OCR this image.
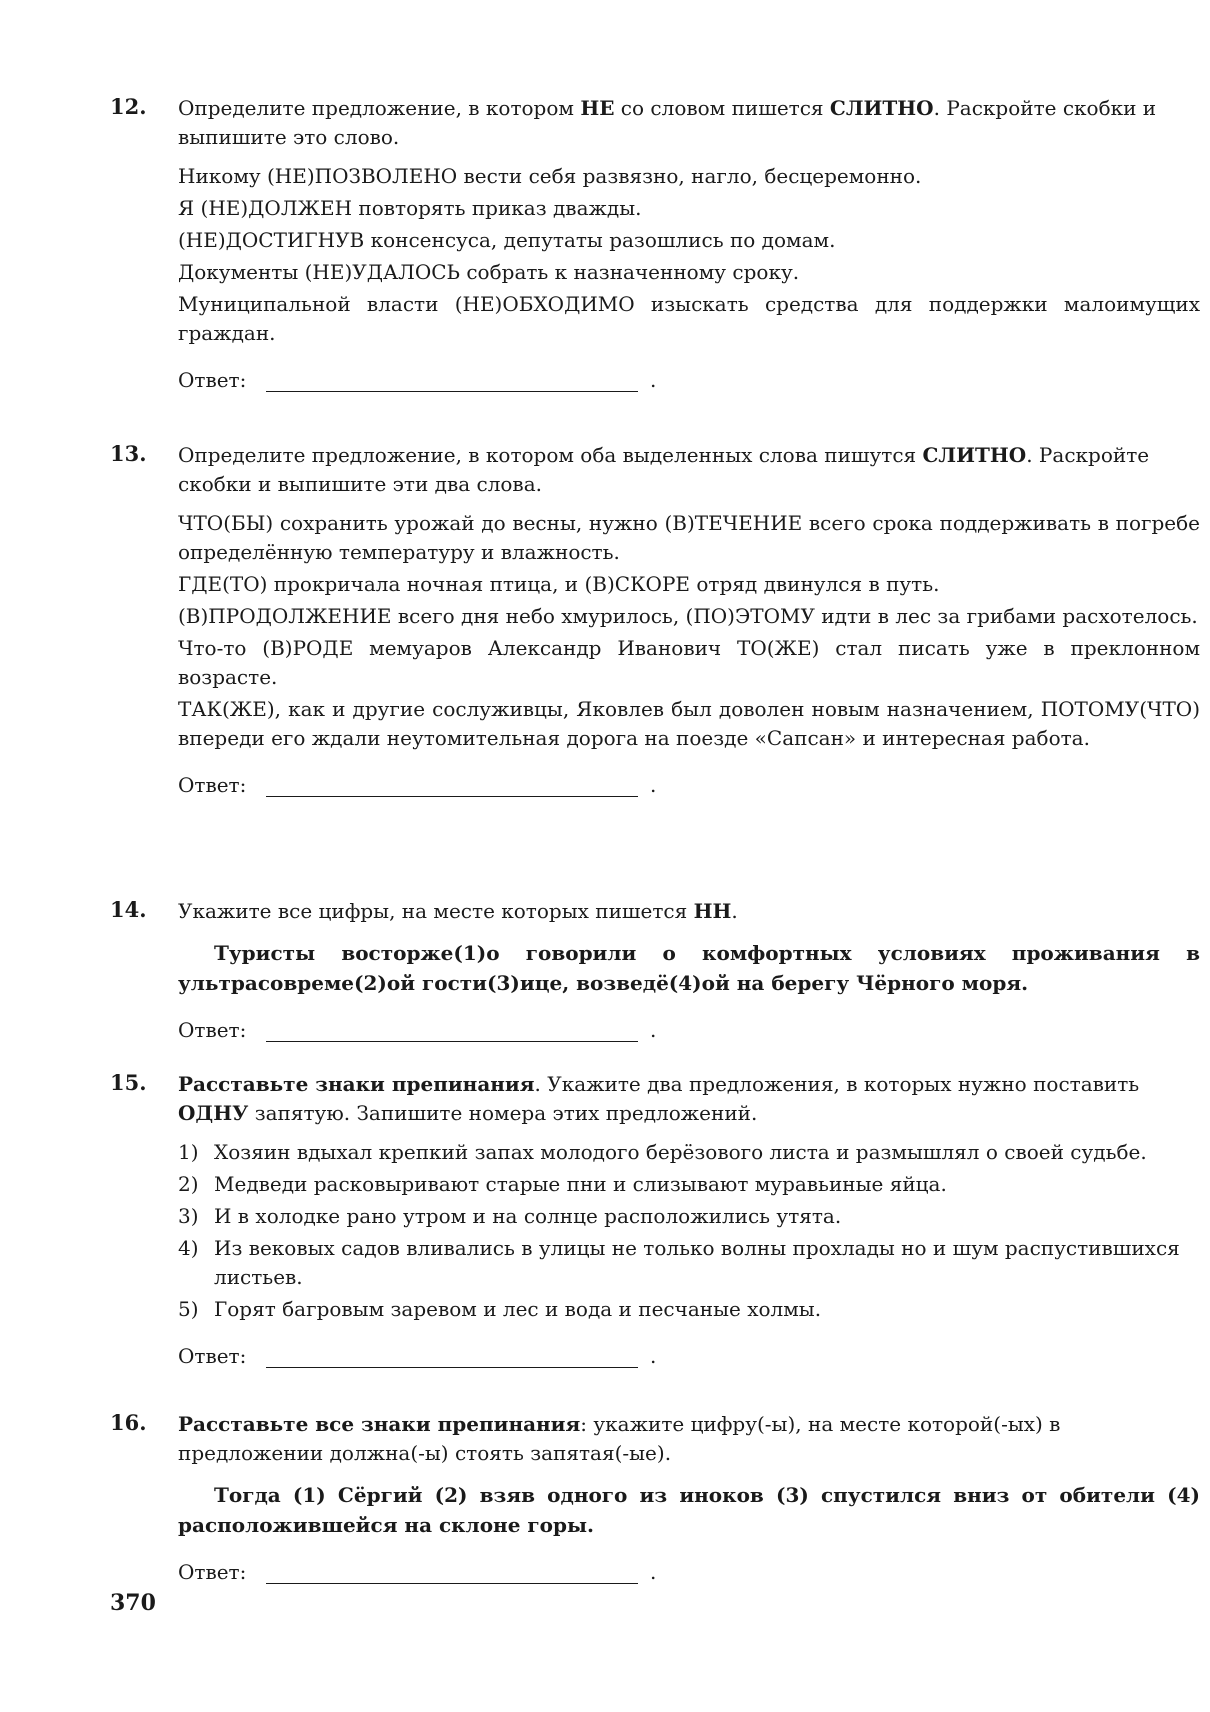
12.	Определите предложение, в котором НЕ со словом пишется СЛИТНО. Раскройте скобки и выпишите это слово.

Никому (НЕ)ПОЗВОЛЕНО вести себя развязно, нагло, бесцеремонно.
Я (НЕ)ДОЛЖЕН повторять приказ дважды.
(НЕ)ДОСТИГНУВ консенсуса, депутаты разошлись по домам.
Документы (НЕ)УДАЛОСЬ собрать к назначенному сроку.
Муниципальной власти (НЕ)ОБХОДИМО изыскать средства для поддержки малоимущих граждан.
Ответ:	.
13.	Определите предложение, в котором оба выделенных слова пишутся СЛИТНО. Раскройте скобки и выпишите эти два слова.

ЧТО(БЫ) сохранить урожай до весны, нужно (В)ТЕЧЕНИЕ всего срока поддерживать в погребе определённую температуру и влажность.
ГДЕ(ТО) прокричала ночная птица, и (В)СКОРЕ отряд двинулся в путь.
(В)ПРОДОЛЖЕНИЕ всего дня небо хмурилось, (ПО)ЭТОМУ идти в лес за грибами расхотелось.
Что-то (В)РОДЕ мемуаров Александр Иванович ТО(ЖЕ) стал писать уже в преклонном возрасте.
ТАК(ЖЕ), как и другие сослуживцы, Яковлев был доволен новым назначением, ПОТОМУ(ЧТО) впереди его ждали неутомительная дорога на поезде «Сапсан» и интересная работа.
Ответ:	.
14.	Укажите все цифры, на месте которых пишется НН.

Туристы восторже(1)о говорили о комфортных условиях проживания в ультрасовреме(2)ой гости(3)ице, возведё(4)ой на берегу Чёрного моря.
Ответ:	.
15.	Расставьте знаки препинания. Укажите два предложения, в которых нужно поставить ОДНУ запятую. Запишите номера этих предложений.

1) Хозяин вдыхал крепкий запах молодого берёзового листа и размышлял о своей судьбе.
2) Медведи расковыривают старые пни и слизывают муравьиные яйца.
3) И в холодке рано утром и на солнце расположились утята.
4) Из вековых садов вливались в улицы не только волны прохлады но и шум распустившихся листьев.
5) Горят багровым заревом и лес и вода и песчаные холмы.
Ответ:	.
16.	Расставьте все знаки препинания: укажите цифру(-ы), на месте которой(-ых) в предложении должна(-ы) стоять запятая(-ые).

Тогда (1) Сёргий (2) взяв одного из иноков (3) спустился вниз от обители (4) расположившейся на склоне горы.
Ответ:	.
370
